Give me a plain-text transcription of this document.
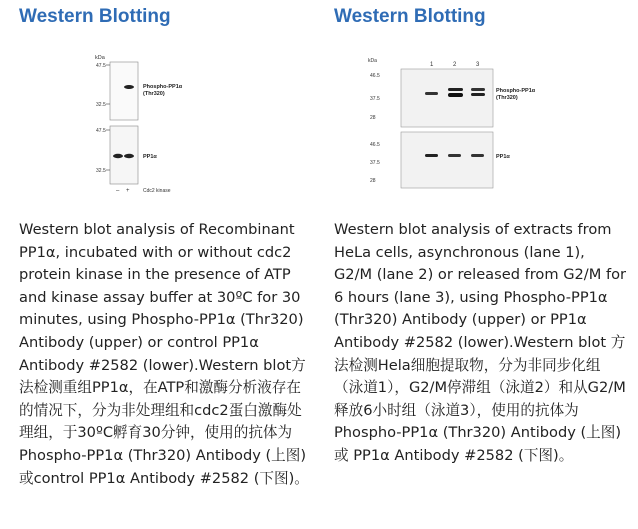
Western Blotting
kDa
47.5
32.5
Phospho-PP1α
(Thr320)
47.5
32.5
PP1α
– +	Cdc2 kinase

Western blot analysis of Recombinant PP1α, incubated with or without cdc2 protein kinase in the presence of ATP and kinase assay buffer at 30ºC for 30 minutes, using Phospho-PP1α (Thr320) Antibody (upper) or control PP1α Antibody #2582 (lower).Western blot方法检测重组PP1α，在ATP和激酶分析液存在的情况下，分为非处理组和cdc2蛋白激酶处理组，于30ºC孵育30分钟，使用的抗体为Phospho-PP1α (Thr320) Antibody (上图) 或control PP1α Antibody #2582 (下图)。

Western Blotting
1	2	3
kDa
46.5
37.5
28
Phospho-PP1α
(Thr320)
46.5
37.5
28
PP1α

Western blot analysis of extracts from HeLa cells, asynchronous (lane 1), G2/M (lane 2) or released from G2/M for 6 hours (lane 3), using Phospho-PP1α (Thr320) Antibody (upper) or PP1α Antibody #2582 (lower).Western blot 方法检测Hela细胞提取物，分为非同步化组（泳道1），G2/M停滞组（泳道2）和从G2/M释放6小时组（泳道3），使用的抗体为Phospho-PP1α (Thr320) Antibody (上图) 或 PP1α Antibody #2582 (下图)。
